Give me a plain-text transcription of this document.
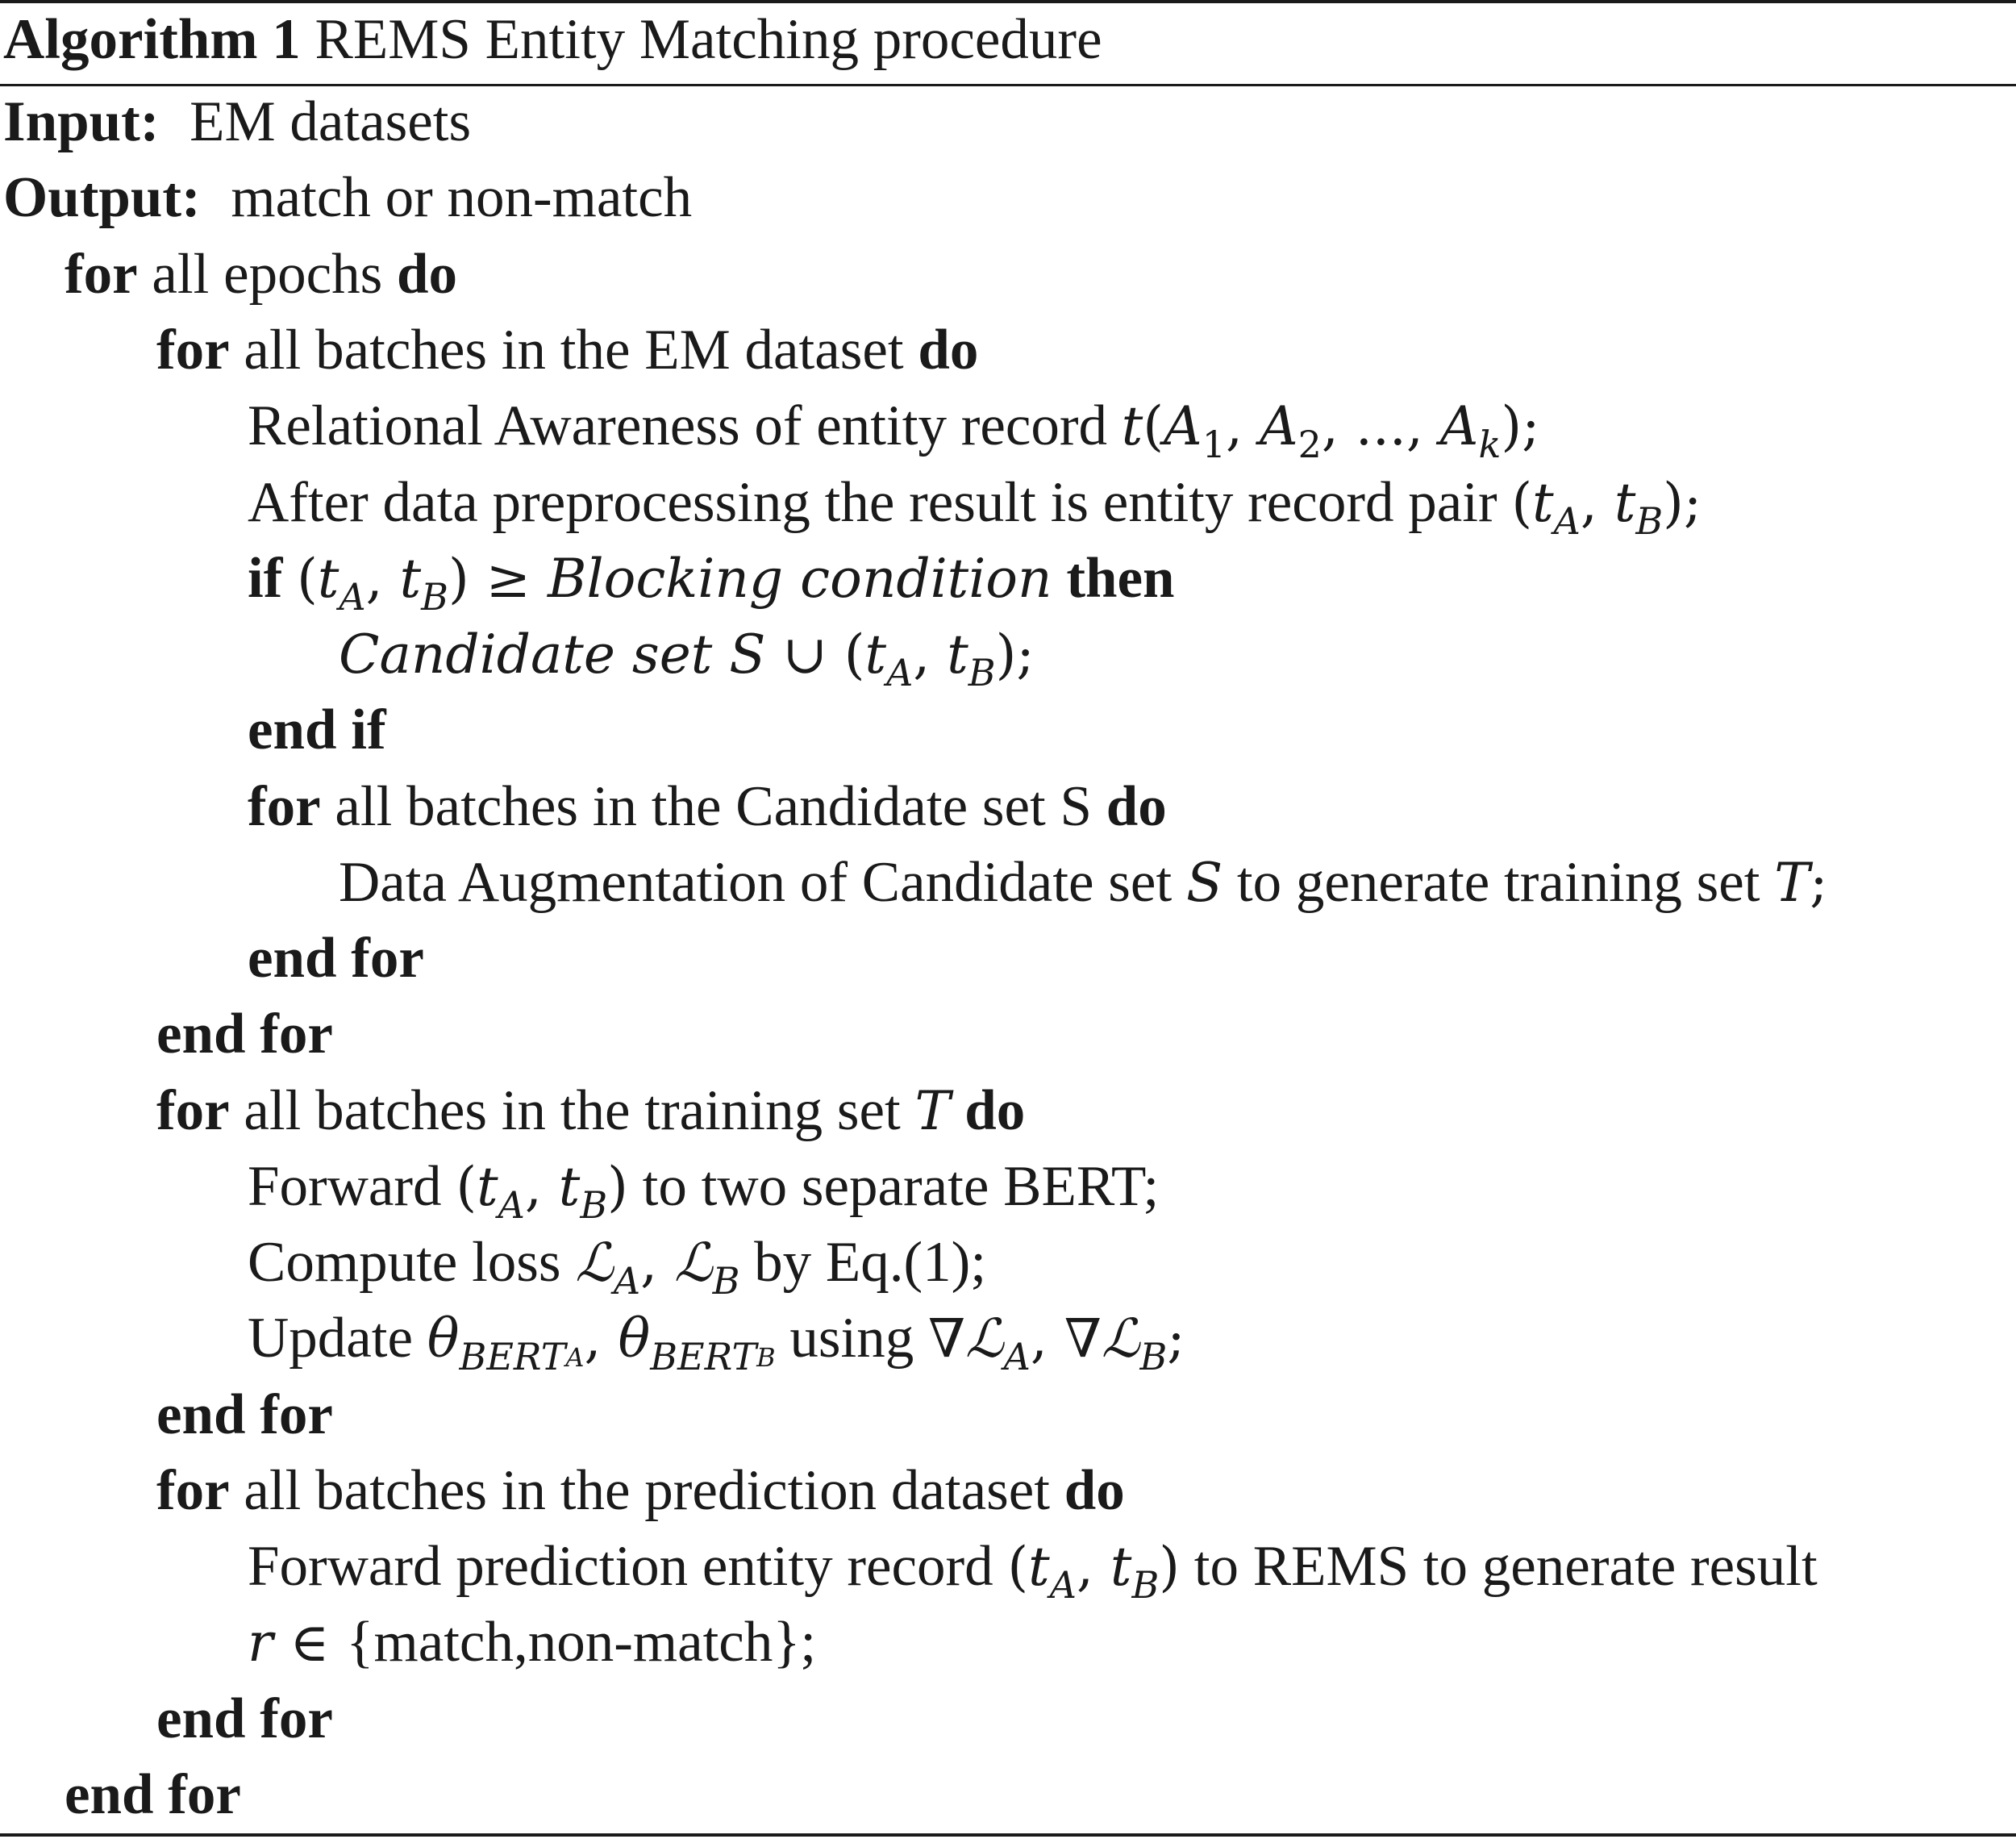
Algorithm 1 REMS Entity Matching procedure
Input: EM datasets
Output: match or non-match
for all epochs do
for all batches in the EM dataset do
Relational Awareness of entity record $t(A_1$, $A_2$, ..., $A_k$);
After data preprocessing the result is entity record pair ($t_A$, $t_B$);
if ($t_A$, $t_B$) ≥ Blocking condition then
Candidate set S ∪ ($t_A$, $t_B$);
end if
for all batches in the Candidate set S do
Data Augmentation of Candidate set S to generate training set T;
end for
end for
for all batches in the training set T do
Forward ($t_A$, $t_B$) to two separate BERT;
Compute loss ℒ$_A$, ℒ$_B$ by Eq.(1);
Update $\theta_{BERT}A$, $\theta_{BERT}B$ using ∇ℒ$_A$, ∇ℒ$_B$;
end for
for all batches in the prediction dataset do
Forward prediction entity record ($t_A$, $t_B$) to REMS to generate result
r ∈ {match,non-match};
end for
end for
